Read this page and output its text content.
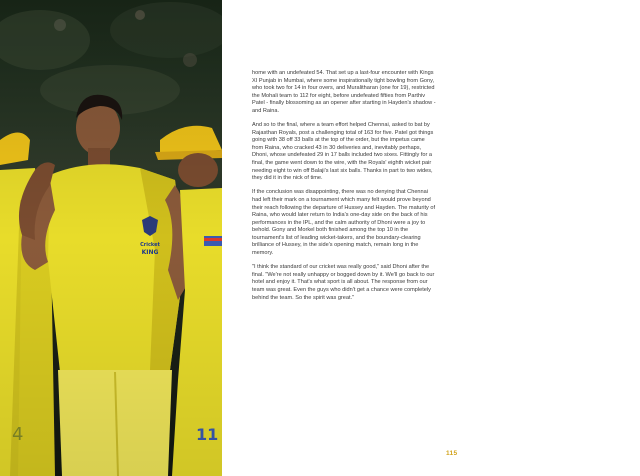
home with an undefeated 54. That set up a last-four encounter with Kings XI Punjab in Mumbai, where some inspirationally tight bowling from Gony, who took two for 14 in four overs, and Muralitharan (one for 19), restricted the Mohali team to 112 for eight, before undefeated fifties from Parthiv Patel - finally blossoming as an opener after starting in Hayden's shadow - and Raina.

And so to the final, where a team effort helped Chennai, asked to bat by Rajasthan Royals, post a challenging total of 163 for five. Patel got things going with 38 off 33 balls at the top of the order, but the impetus came from Raina, who cracked 43 in 30 deliveries and, inevitably perhaps, Dhoni, whose undefeated 29 in 17 balls included two sixes. Fittingly for a final, the game went down to the wire, with the Royals' eighth wicket pair needing eight to win off Balaji's last six balls. Thanks in part to two wides, they did it in the nick of time.

If the conclusion was disappointing, there was no denying that Chennai had left their mark on a tournament which many felt would prove beyond their reach following the departure of Hussey and Hayden. The maturity of Raina, who would later return to India's one-day side on the back of his performances in the IPL, and the calm authority of Dhoni were a joy to behold. Gony and Morkel both finished among the top 10 in the tournament's list of leading wicket-takers, and the boundary-clearing brilliance of Hussey, in the side's opening match, remain long in the memory.

"I think the standard of our cricket was really good," said Dhoni after the final. "We're not really unhappy or bogged down by it. We'll go back to our hotel and enjoy it. That's what sport is all about. The response from our team was great. Even the guys who didn't get a chance were completely behind the team. So the spirit was great."

115
